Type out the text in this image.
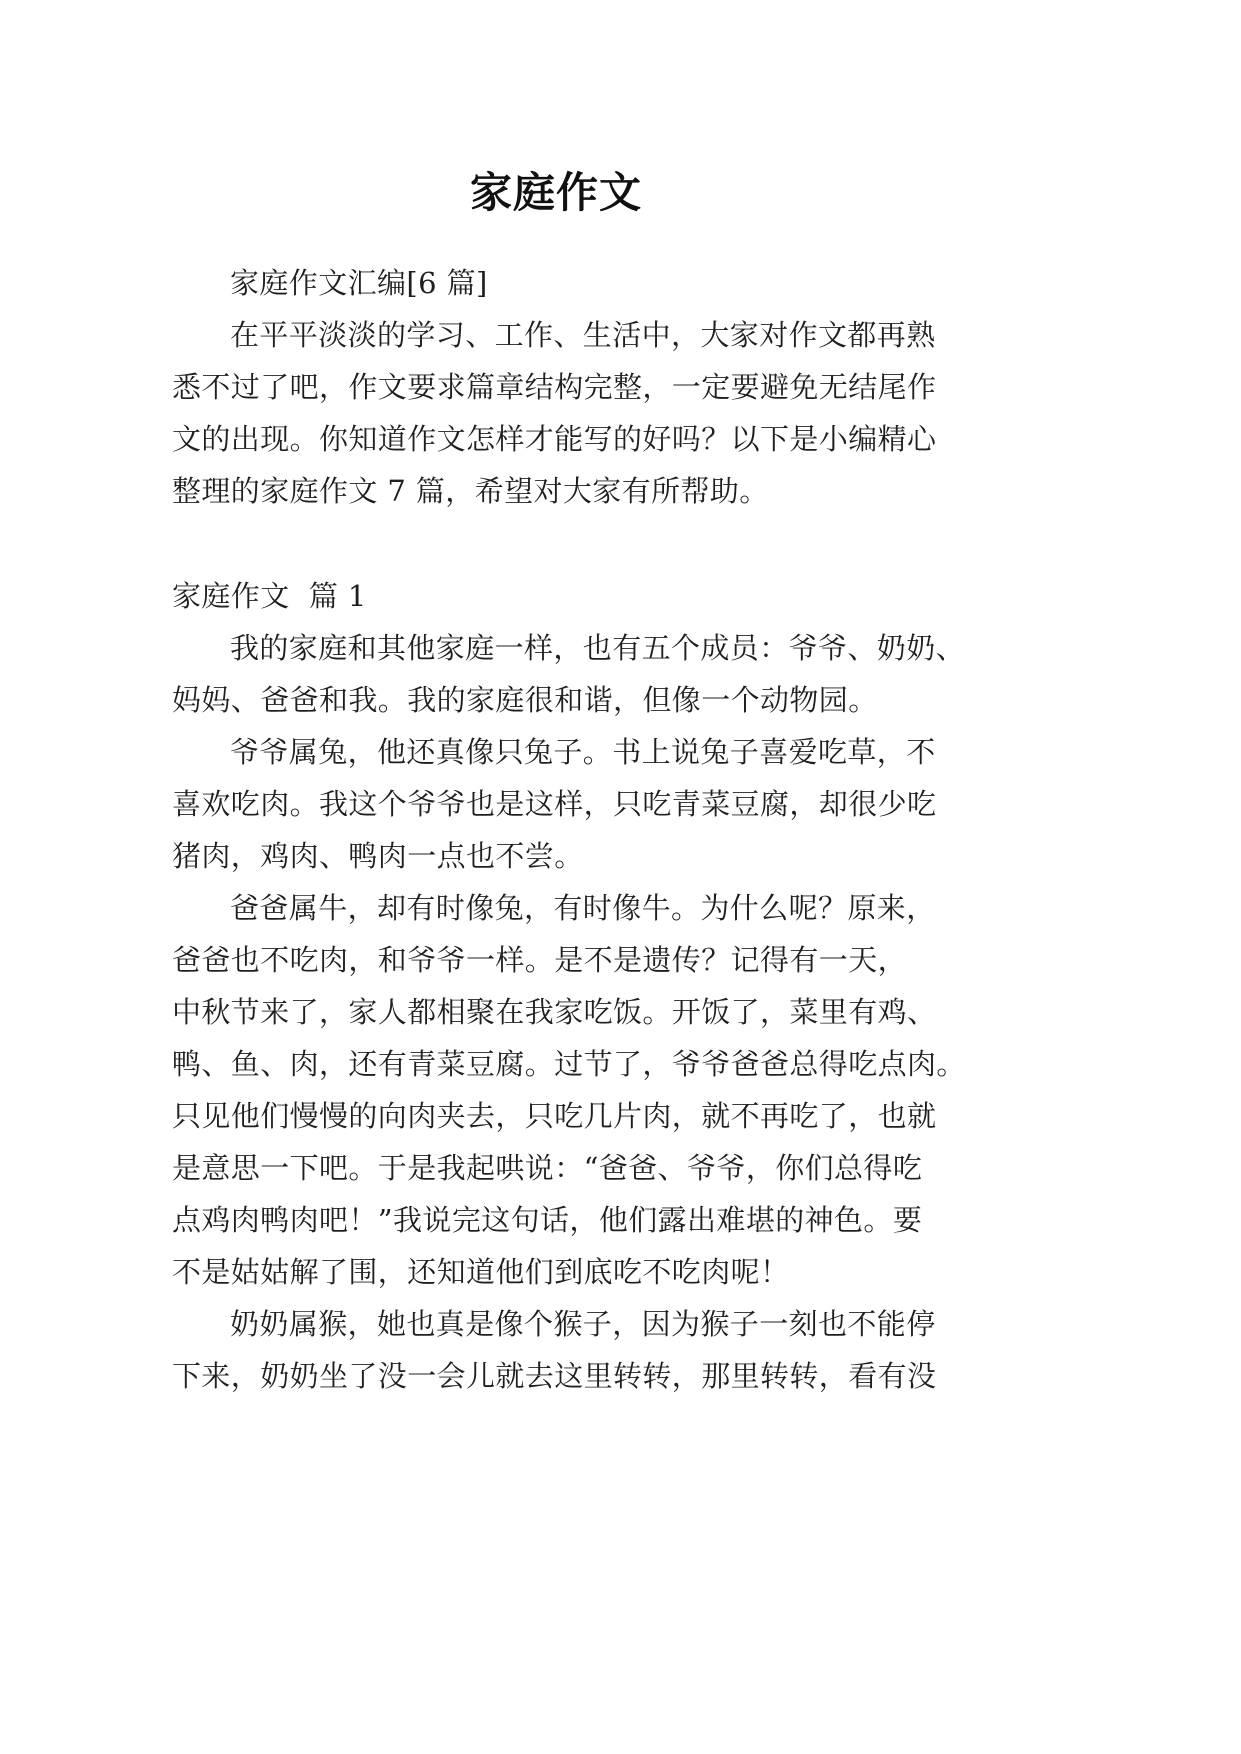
家庭作文
家庭作文汇编[6 篇]
在平平淡淡的学习、工作、生活中，大家对作文都再熟
悉不过了吧，作文要求篇章结构完整，一定要避免无结尾作
文的出现。你知道作文怎样才能写的好吗？以下是小编精心
整理的家庭作文 7 篇，希望对大家有所帮助。
家庭作文  篇 1
我的家庭和其他家庭一样，也有五个成员：爷爷、奶奶、
妈妈、爸爸和我。我的家庭很和谐，但像一个动物园。
爷爷属兔，他还真像只兔子。书上说兔子喜爱吃草，不
喜欢吃肉。我这个爷爷也是这样，只吃青菜豆腐，却很少吃
猪肉，鸡肉、鸭肉一点也不尝。
爸爸属牛，却有时像兔，有时像牛。为什么呢？原来，
爸爸也不吃肉，和爷爷一样。是不是遗传？记得有一天，
中秋节来了，家人都相聚在我家吃饭。开饭了，菜里有鸡、
鸭、鱼、肉，还有青菜豆腐。过节了，爷爷爸爸总得吃点肉。
只见他们慢慢的向肉夹去，只吃几片肉，就不再吃了，也就
是意思一下吧。于是我起哄说：“爸爸、爷爷，你们总得吃
点鸡肉鸭肉吧！”我说完这句话，他们露出难堪的神色。要
不是姑姑解了围，还知道他们到底吃不吃肉呢！
奶奶属猴，她也真是像个猴子，因为猴子一刻也不能停
下来，奶奶坐了没一会儿就去这里转转，那里转转，看有没
